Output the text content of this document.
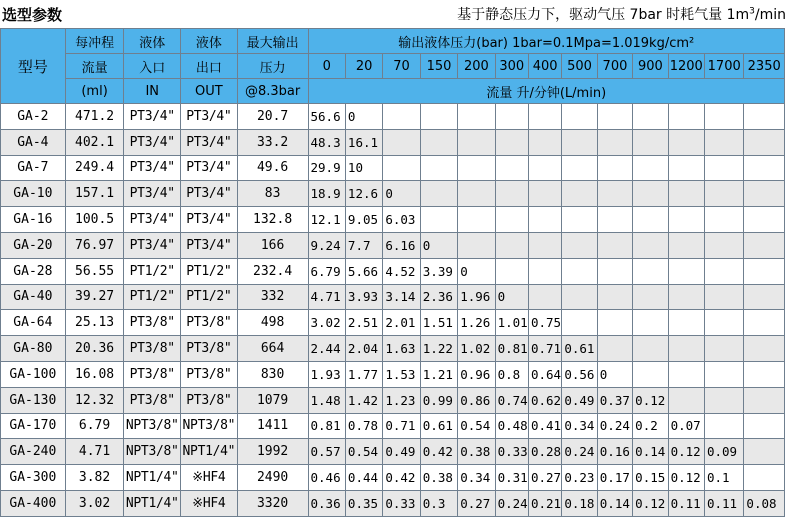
选型参数	基于静态压力下，驱动气压 7bar 时耗气量 $1m^3/\min$
型号	每冲程	液体	液体	最大输出	输出液体压力(bar) 1bar=0.1Mpa=1.019kg/cm²												
	流量	入口	出口	压力	0	20	70	150	200	300	400	500	700	900	1200	1700	2350
	(ml)	IN	OUT	@8.3bar	流量 升/分钟(L/min)												
GA-2	471.2	PT3/4"	PT3/4"	20.7	56.6	0											
GA-4	402.1	PT3/4"	PT3/4"	33.2	48.3	16.1											
GA-7	249.4	PT3/4"	PT3/4"	49.6	29.9	10											
GA-10	157.1	PT3/4"	PT3/4"	83	18.9	12.6	0										
GA-16	100.5	PT3/4"	PT3/4"	132.8	12.1	9.05	6.03										
GA-20	76.97	PT3/4"	PT3/4"	166	9.24	7.7	6.16	0									
GA-28	56.55	PT1/2"	PT1/2"	232.4	6.79	5.66	4.52	3.39	0								
GA-40	39.27	PT1/2"	PT1/2"	332	4.71	3.93	3.14	2.36	1.96	0							
GA-64	25.13	PT3/8"	PT3/8"	498	3.02	2.51	2.01	1.51	1.26	1.01	0.75						
GA-80	20.36	PT3/8"	PT3/8"	664	2.44	2.04	1.63	1.22	1.02	0.81	0.71	0.61					
GA-100	16.08	PT3/8"	PT3/8"	830	1.93	1.77	1.53	1.21	0.96	0.8	0.64	0.56	0				
GA-130	12.32	PT3/8"	PT3/8"	1079	1.48	1.42	1.23	0.99	0.86	0.74	0.62	0.49	0.37	0.12			
GA-170	6.79	NPT3/8"	NPT3/8"	1411	0.81	0.78	0.71	0.61	0.54	0.48	0.41	0.34	0.24	0.2	0.07		
GA-240	4.71	NPT3/8"	NPT1/4"	1992	0.57	0.54	0.49	0.42	0.38	0.33	0.28	0.24	0.16	0.14	0.12	0.09	
GA-300	3.82	NPT1/4"	※HF4	2490	0.46	0.44	0.42	0.38	0.34	0.31	0.27	0.23	0.17	0.15	0.12	0.1	
GA-400	3.02	NPT1/4"	※HF4	3320	0.36	0.35	0.33	0.3	0.27	0.24	0.21	0.18	0.14	0.12	0.11	0.11	0.08
